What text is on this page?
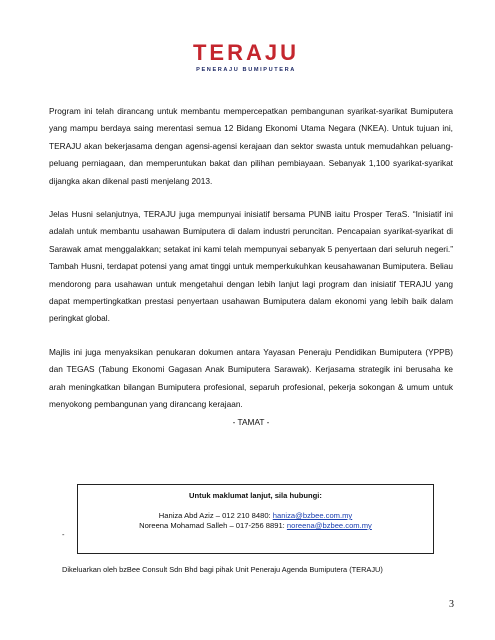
TERAJU
PENERAJU BUMIPUTERA

Program ini telah dirancang untuk membantu mempercepatkan pembangunan syarikat-syarikat Bumiputera yang mampu berdaya saing merentasi semua 12 Bidang Ekonomi Utama Negara (NKEA). Untuk tujuan ini, TERAJU akan bekerjasama dengan agensi-agensi kerajaan dan sektor swasta untuk memudahkan peluang-peluang perniagaan, dan memperuntukan bakat dan pilihan pembiayaan. Sebanyak 1,100 syarikat-syarikat dijangka akan dikenal pasti menjelang 2013.

Jelas Husni selanjutnya, TERAJU juga mempunyai inisiatif bersama PUNB iaitu Prosper TeraS. “Inisiatif ini adalah untuk membantu usahawan Bumiputera di dalam industri peruncitan. Pencapaian syarikat-syarikat di Sarawak amat menggalakkan; setakat ini kami telah mempunyai sebanyak 5 penyertaan dari seluruh negeri.” Tambah Husni, terdapat potensi yang amat tinggi untuk memperkukuhkan keusahawanan Bumiputera. Beliau mendorong para usahawan untuk mengetahui dengan lebih lanjut lagi program dan inisiatif TERAJU yang dapat mempertingkatkan prestasi penyertaan usahawan Bumiputera dalam ekonomi yang lebih baik dalam peringkat global.

Majlis ini juga menyaksikan penukaran dokumen antara Yayasan Peneraju Pendidikan Bumiputera (YPPB) dan TEGAS (Tabung Ekonomi Gagasan Anak Bumiputera Sarawak). Kerjasama strategik ini berusaha ke arah meningkatkan bilangan Bumiputera profesional, separuh profesional, pekerja sokongan & umum untuk menyokong pembangunan yang dirancang kerajaan.

- TAMAT -
-
Untuk maklumat lanjut, sila hubungi:
Haniza Abd Aziz – 012 210 8480: haniza@bzbee.com.my
Noreena Mohamad Salleh – 017-256 8891: noreena@bzbee.com.my
Dikeluarkan oleh bzBee Consult Sdn Bhd bagi pihak Unit Peneraju Agenda Bumiputera (TERAJU)
3
